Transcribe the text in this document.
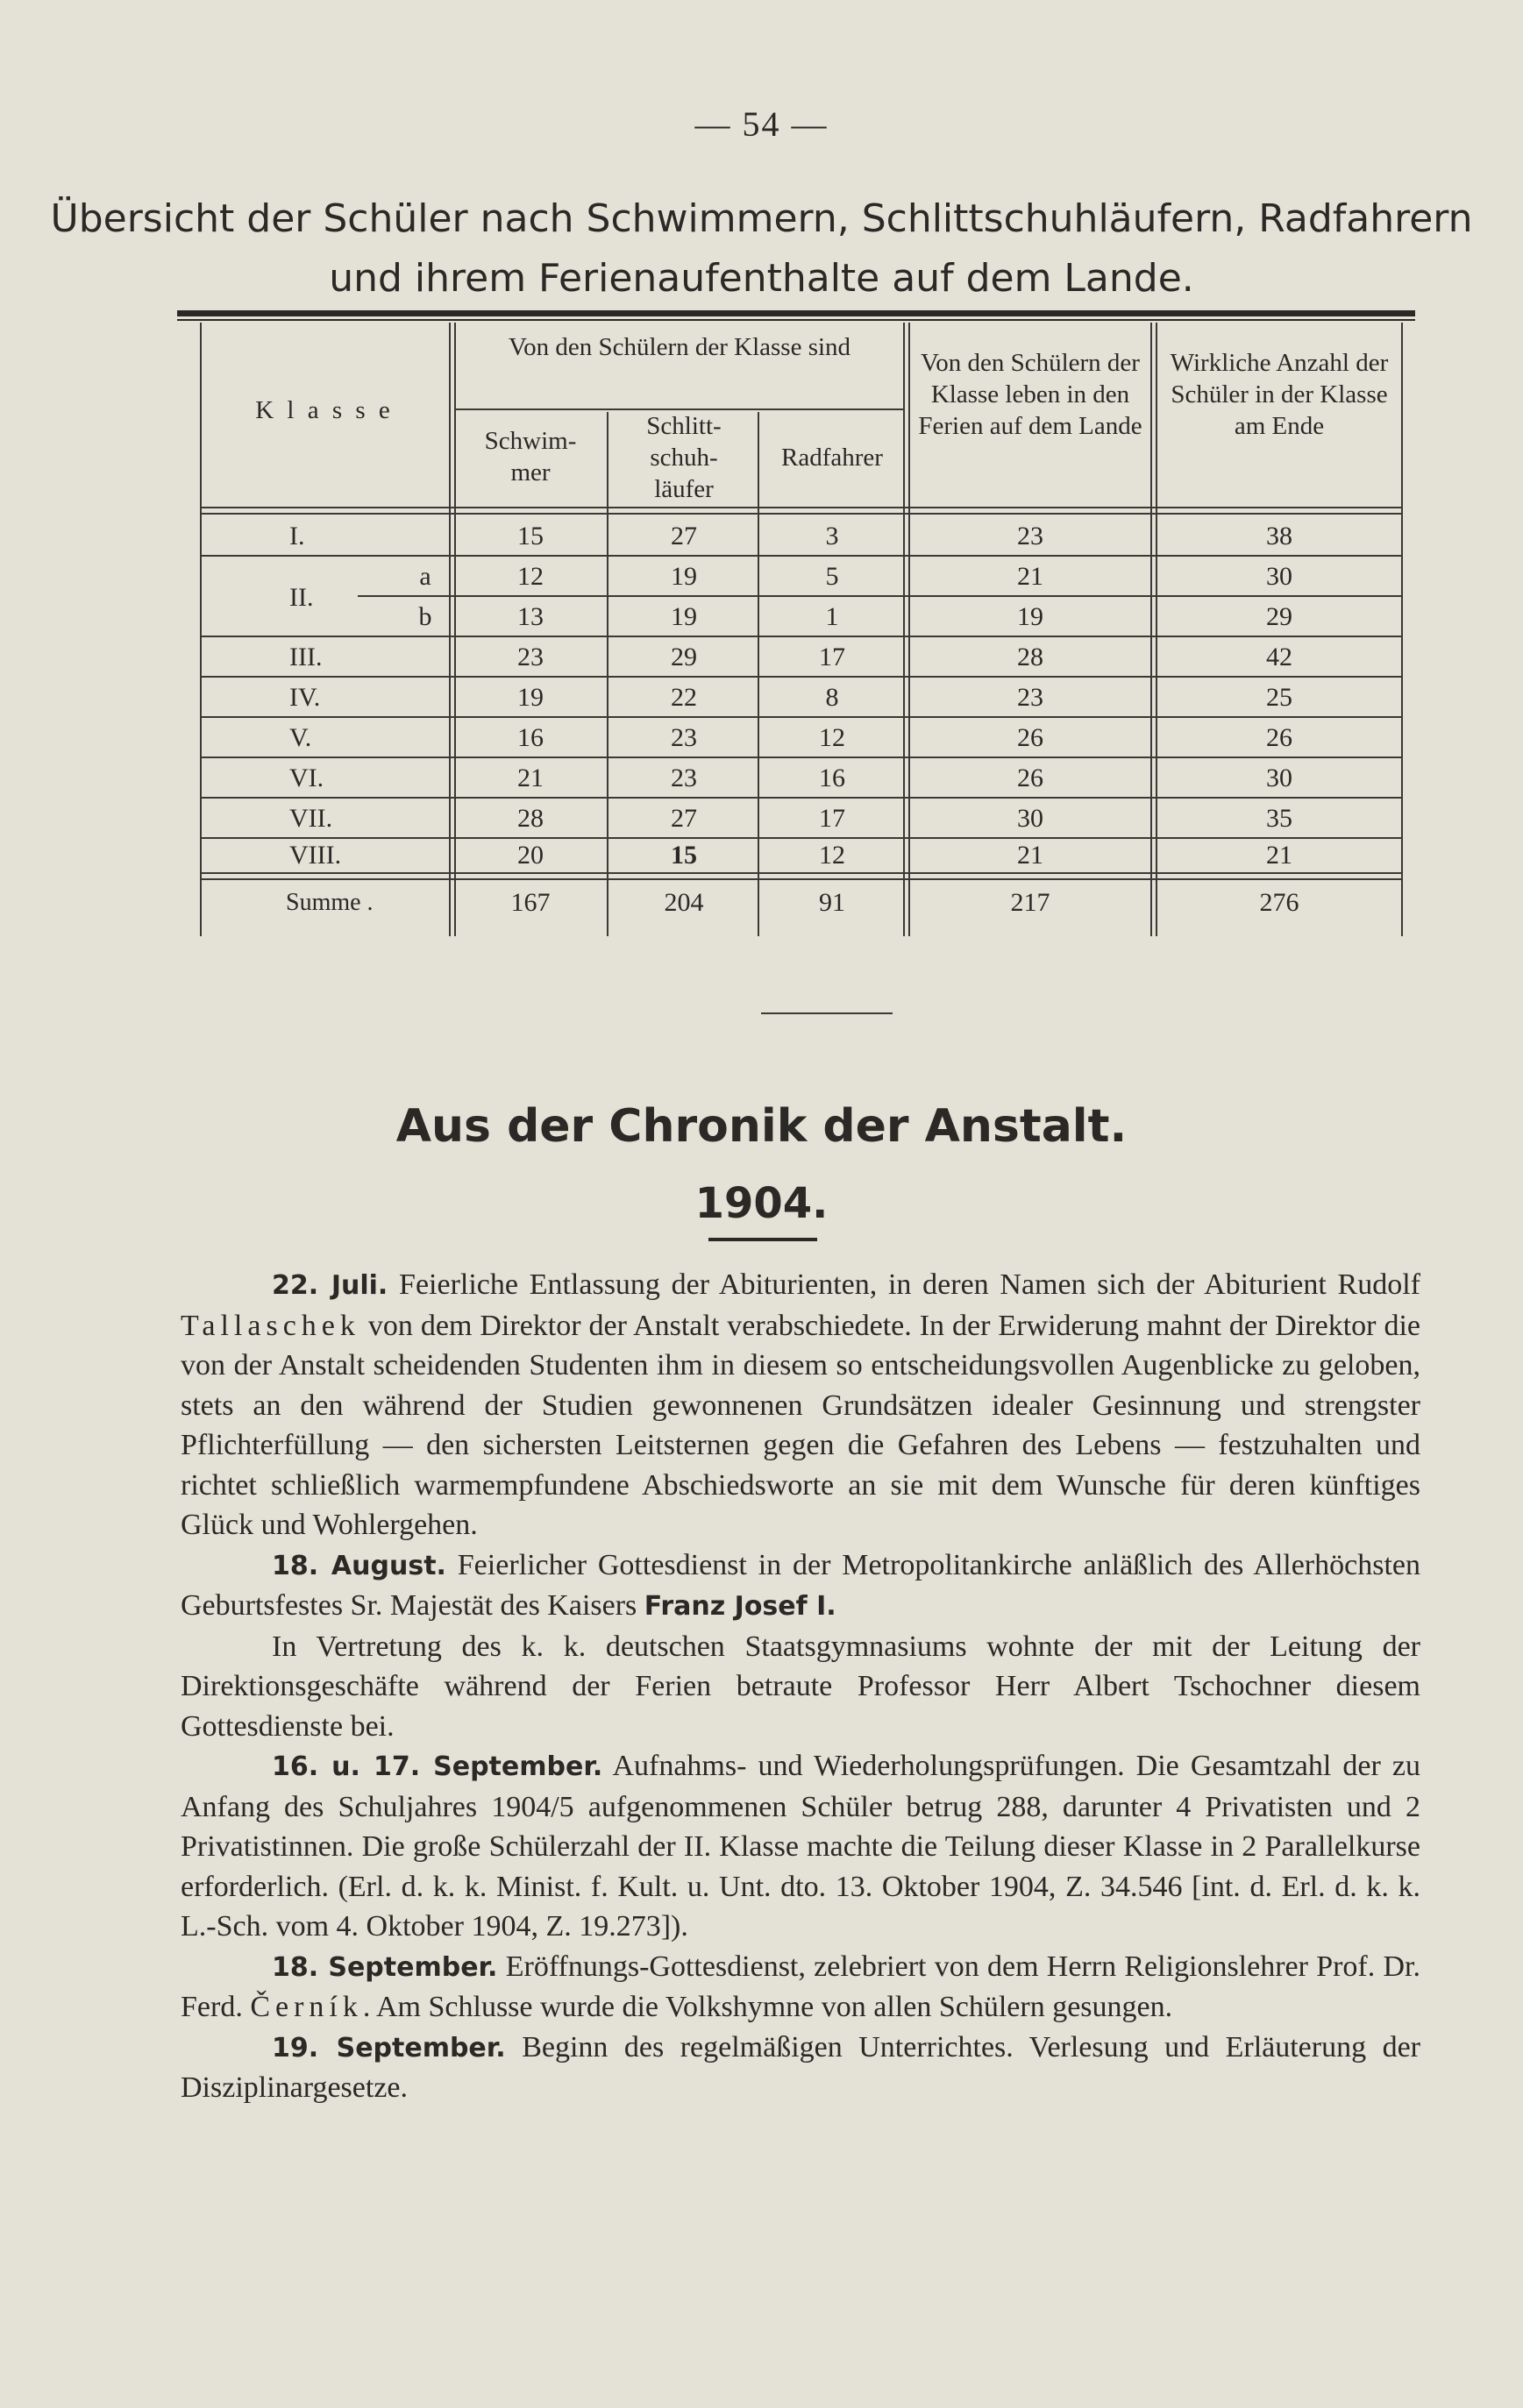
— 54 —
Übersicht der Schüler nach Schwimmern, Schlittschuhläufern, Radfahrern
und ihrem Ferienaufenthalte auf dem Lande.
K l a s s e
Von den Schülern der Klasse sind
Schwim- mer
Schlitt- schuh- läufer
Radfahrer
Von den Schülern der Klasse leben in den Ferien auf dem Lande
Wirkliche Anzahl der Schüler in der Klasse am Ende
I.	15	27	3	23	38
II.
a	12	19	5	21	30
b	13	19	1	19	29
III.	23	29	17	28	42
IV.	19	22	8	23	25
V.	16	23	12	26	26
VI.	21	23	16	26	30
VII.	28	27	17	30	35
VIII.	20	15	12	21	21
Summe .	167	204	91	217	276
Aus der Chronik der Anstalt.
1904.

22. Juli. Feierliche Entlassung der Abiturienten, in deren Namen sich der Abiturient Rudolf Tallaschek von dem Direktor der Anstalt verabschiedete. In der Erwiderung mahnt der Direktor die von der Anstalt scheidenden Studenten ihm in diesem so entscheidungsvollen Augenblicke zu geloben, stets an den während der Studien gewonnenen Grundsätzen idealer Gesinnung und strengster Pflichterfüllung — den sichersten Leitsternen gegen die Gefahren des Lebens — festzuhalten und richtet schließlich warmempfundene Abschiedsworte an sie mit dem Wunsche für deren künftiges Glück und Wohlergehen.

18. August. Feierlicher Gottesdienst in der Metropolitankirche anläßlich des Allerhöchsten Geburtsfestes Sr. Majestät des Kaisers Franz Josef I.

In Vertretung des k. k. deutschen Staatsgymnasiums wohnte der mit der Leitung der Direktionsgeschäfte während der Ferien betraute Professor Herr Albert Tschochner diesem Gottesdienste bei.

16. u. 17. September. Aufnahms- und Wiederholungsprüfungen. Die Gesamtzahl der zu Anfang des Schuljahres 1904/5 aufgenommenen Schüler betrug 288, darunter 4 Privatisten und 2 Privatistinnen. Die große Schülerzahl der II. Klasse machte die Teilung dieser Klasse in 2 Parallelkurse erforderlich. (Erl. d. k. k. Minist. f. Kult. u. Unt. dto. 13. Oktober 1904, Z. 34.546 [int. d. Erl. d. k. k. L.-Sch. vom 4. Oktober 1904, Z. 19.273]).

18. September. Eröffnungs-Gottesdienst, zelebriert von dem Herrn Religionslehrer Prof. Dr. Ferd. Černík. Am Schlusse wurde die Volkshymne von allen Schülern gesungen.

19. September. Beginn des regelmäßigen Unterrichtes. Verlesung und Erläuterung der Disziplinargesetze.
